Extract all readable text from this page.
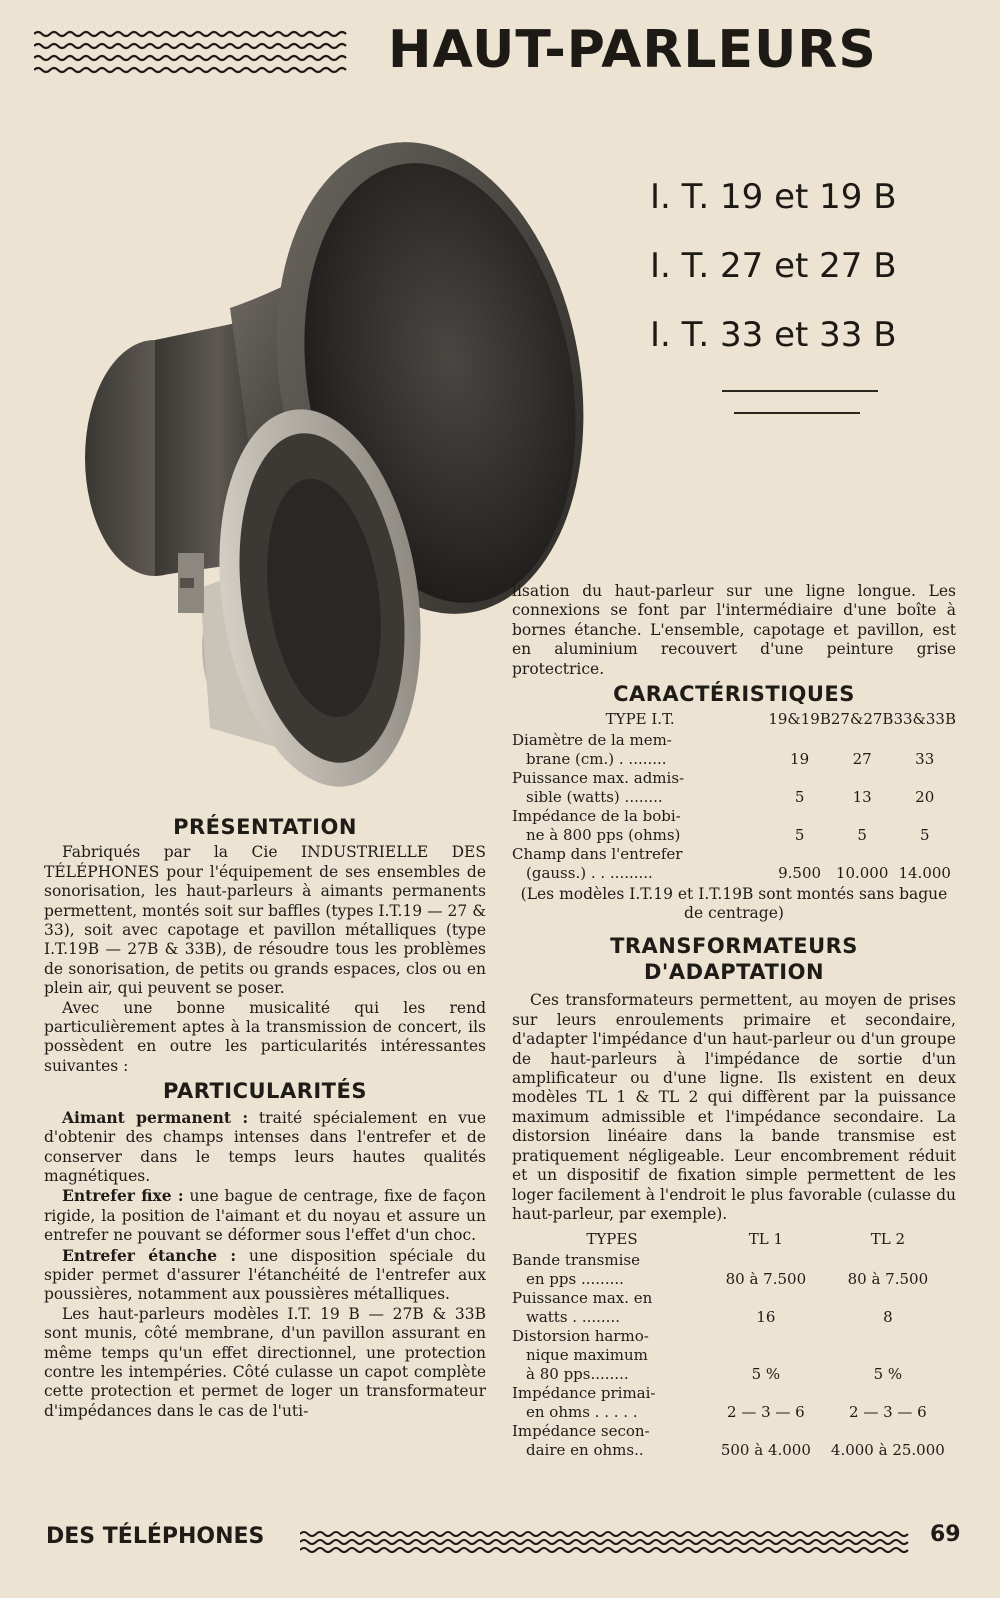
HAUT-PARLEURS
I. T. 19 et 19 B
I. T. 27 et 27 B
I. T. 33 et 33 B
PRÉSENTATION

Fabriqués par la Cie INDUSTRIELLE DES TÉLÉPHONES pour l'équipement de ses ensembles de sonorisation, les haut-parleurs à aimants permanents permettent, montés soit sur baffles (types I.T.19 — 27 & 33), soit avec capotage et pavillon métalliques (type I.T.19B — 27B & 33B), de résoudre tous les problèmes de sonorisation, de petits ou grands espaces, clos ou en plein air, qui peuvent se poser.

Avec une bonne musicalité qui les rend particulièrement aptes à la transmission de concert, ils possèdent en outre les particularités intéressantes suivantes :

PARTICULARITÉS

Aimant permanent : traité spécialement en vue d'obtenir des champs intenses dans l'entrefer et de conserver dans le temps leurs hautes qualités magnétiques.

Entrefer fixe : une bague de centrage, fixe de façon rigide, la position de l'aimant et du noyau et assure un entrefer ne pouvant se déformer sous l'effet d'un choc.

Entrefer étanche : une disposition spéciale du spider permet d'assurer l'étanchéité de l'entrefer aux poussières, notamment aux poussières métalliques.

Les haut-parleurs modèles I.T. 19 B — 27B & 33B sont munis, côté membrane, d'un pavillon assurant en même temps qu'un effet directionnel, une protection contre les intempéries. Côté culasse un capot complète cette protection et permet de loger un transformateur d'impédances dans le cas de l'uti-

lisation du haut-parleur sur une ligne longue. Les connexions se font par l'intermédiaire d'une boîte à bornes étanche. L'ensemble, capotage et pavillon, est en aluminium recouvert d'une peinture grise protectrice.

CARACTÉRISTIQUES
TYPE I.T.	19&19B	27&27B	33&33B

Diamètre de la mem-
brane (cm.) . ........	19	27	33

Puissance max. admis-
sible (watts) ........	5	13	20

Impédance de la bobi-
ne à 800 pps (ohms)	5	5	5

Champ dans l'entrefer
(gauss.) . . .........	9.500	10.000	14.000
(Les modèles I.T.19 et I.T.19B sont montés sans bague de centrage)
TRANSFORMATEURS
D'ADAPTATION

Ces transformateurs permettent, au moyen de prises sur leurs enroulements primaire et secondaire, d'adapter l'impédance d'un haut-parleur ou d'un groupe de haut-parleurs à l'impédance de sortie d'un amplificateur ou d'une ligne. Ils existent en deux modèles TL 1 & TL 2 qui diffèrent par la puissance maximum admissible et l'impédance secondaire. La distorsion linéaire dans la bande transmise est pratiquement négligeable. Leur encombrement réduit et un dispositif de fixation simple permettent de les loger facilement à l'endroit le plus favorable (culasse du haut-parleur, par exemple).

TYPES	TL 1	TL 2

Bande transmise
en pps .........	80 à 7.500	80 à 7.500

Puissance max. en
watts . ........	16	8

Distorsion harmo-
nique maximum
à 80 pps........	5 %	5 %

Impédance primai-
en ohms . . . . .	2 — 3 — 6	2 — 3 — 6

Impédance secon-
daire en ohms..	500 à 4.000	4.000 à 25.000
DES TÉLÉPHONES	69
